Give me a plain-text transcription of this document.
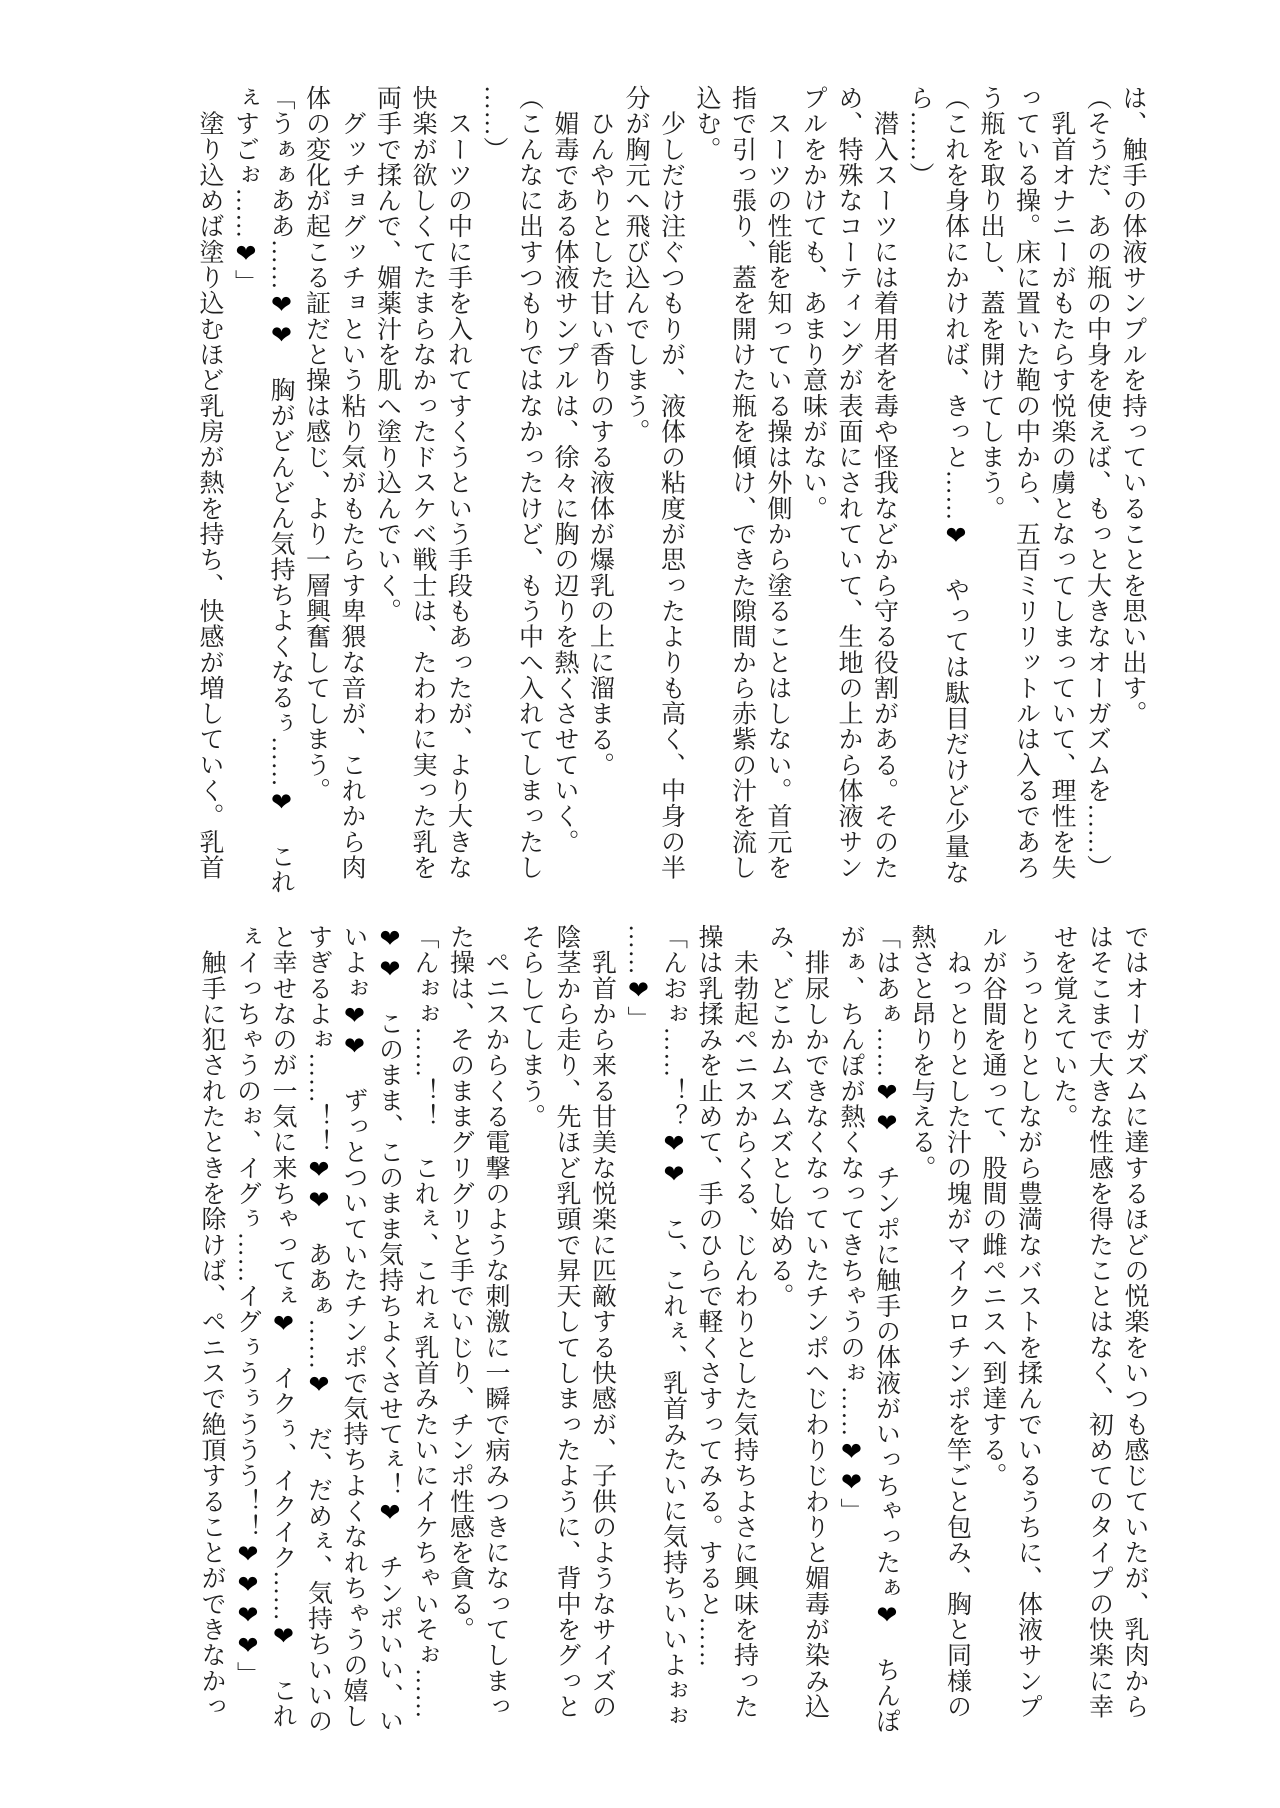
は、触手の体液サンプルを持っていることを思い出す。
（そうだ、あの瓶の中身を使えば、もっと大きなオーガズムを……）
　乳首オナニーがもたらす悦楽の虜となってしまっていて、理性を失
っている操。床に置いた鞄の中から、五百ミリリットルは入るであろ
う瓶を取り出し、蓋を開けてしまう。
（これを身体にかければ、きっと……❤　やっては駄目だけど少量な
ら……）
　潜入スーツには着用者を毒や怪我などから守る役割がある。そのた
め、特殊なコーティングが表面にされていて、生地の上から体液サン
プルをかけても、あまり意味がない。
　スーツの性能を知っている操は外側から塗ることはしない。首元を
指で引っ張り、蓋を開けた瓶を傾け、できた隙間から赤紫の汁を流し
込む。
　少しだけ注ぐつもりが、液体の粘度が思ったよりも高く、中身の半
分が胸元へ飛び込んでしまう。
　ひんやりとした甘い香りのする液体が爆乳の上に溜まる。
　媚毒である体液サンプルは、徐々に胸の辺りを熱くさせていく。
（こんなに出すつもりではなかったけど、もう中へ入れてしまったし
……）
　スーツの中に手を入れてすくうという手段もあったが、より大きな
快楽が欲しくてたまらなかったドスケベ戦士は、たわわに実った乳を
両手で揉んで、媚薬汁を肌へ塗り込んでいく。
　グッチョグッチョという粘り気がもたらす卑猥な音が、これから肉
体の変化が起こる証だと操は感じ、より一層興奮してしまう。
「うぁぁああ……❤❤　胸がどんどん気持ちよくなるぅ……❤　これ
ぇすごぉ……❤」
　塗り込めば塗り込むほど乳房が熱を持ち、快感が増していく。乳首
ではオーガズムに達するほどの悦楽をいつも感じていたが、乳肉から
はそこまで大きな性感を得たことはなく、初めてのタイプの快楽に幸
せを覚えていた。
　うっとりとしながら豊満なバストを揉んでいるうちに、体液サンプ
ルが谷間を通って、股間の雌ペニスへ到達する。
　ねっとりとした汁の塊がマイクロチンポを竿ごと包み、胸と同様の
熱さと昂りを与える。
「はあぁ……❤❤　チンポに触手の体液がいっちゃったぁ❤　ちんぽ
がぁ、ちんぽが熱くなってきちゃうのぉ……❤❤」
　排尿しかできなくなっていたチンポへじわりじわりと媚毒が染み込
み、どこかムズムズとし始める。
　未勃起ペニスからくる、じんわりとした気持ちよさに興味を持った
操は乳揉みを止めて、手のひらで軽くさすってみる。すると……
「んおぉ……！？❤❤　こ、これぇ、乳首みたいに気持ちいいよぉぉ
……❤」
　乳首から来る甘美な悦楽に匹敵する快感が、子供のようなサイズの
陰茎から走り、先ほど乳頭で昇天してしまったように、背中をグっと
そらしてしまう。
　ペニスからくる電撃のような刺激に一瞬で病みつきになってしまっ
た操は、そのままグリグリと手でいじり、チンポ性感を貪る。
「んぉぉ……！！　これぇ、これぇ乳首みたいにイケちゃいそぉ……
❤❤　このまま、このまま気持ちよくさせてぇ！❤　チンポいい、い
いよぉ❤❤　ずっとついていたチンポで気持ちよくなれちゃうの嬉し
すぎるよぉ……！！❤❤　ああぁ……❤　だ、だめぇ、気持ちいいの
と幸せなのが一気に来ちゃってぇ❤　イクぅ、イクイク……❤　これ
ぇイっちゃうのぉ、イグぅ……イグぅうぅううう！！❤❤❤❤」
　触手に犯されたときを除けば、ペニスで絶頂することができなかっ
